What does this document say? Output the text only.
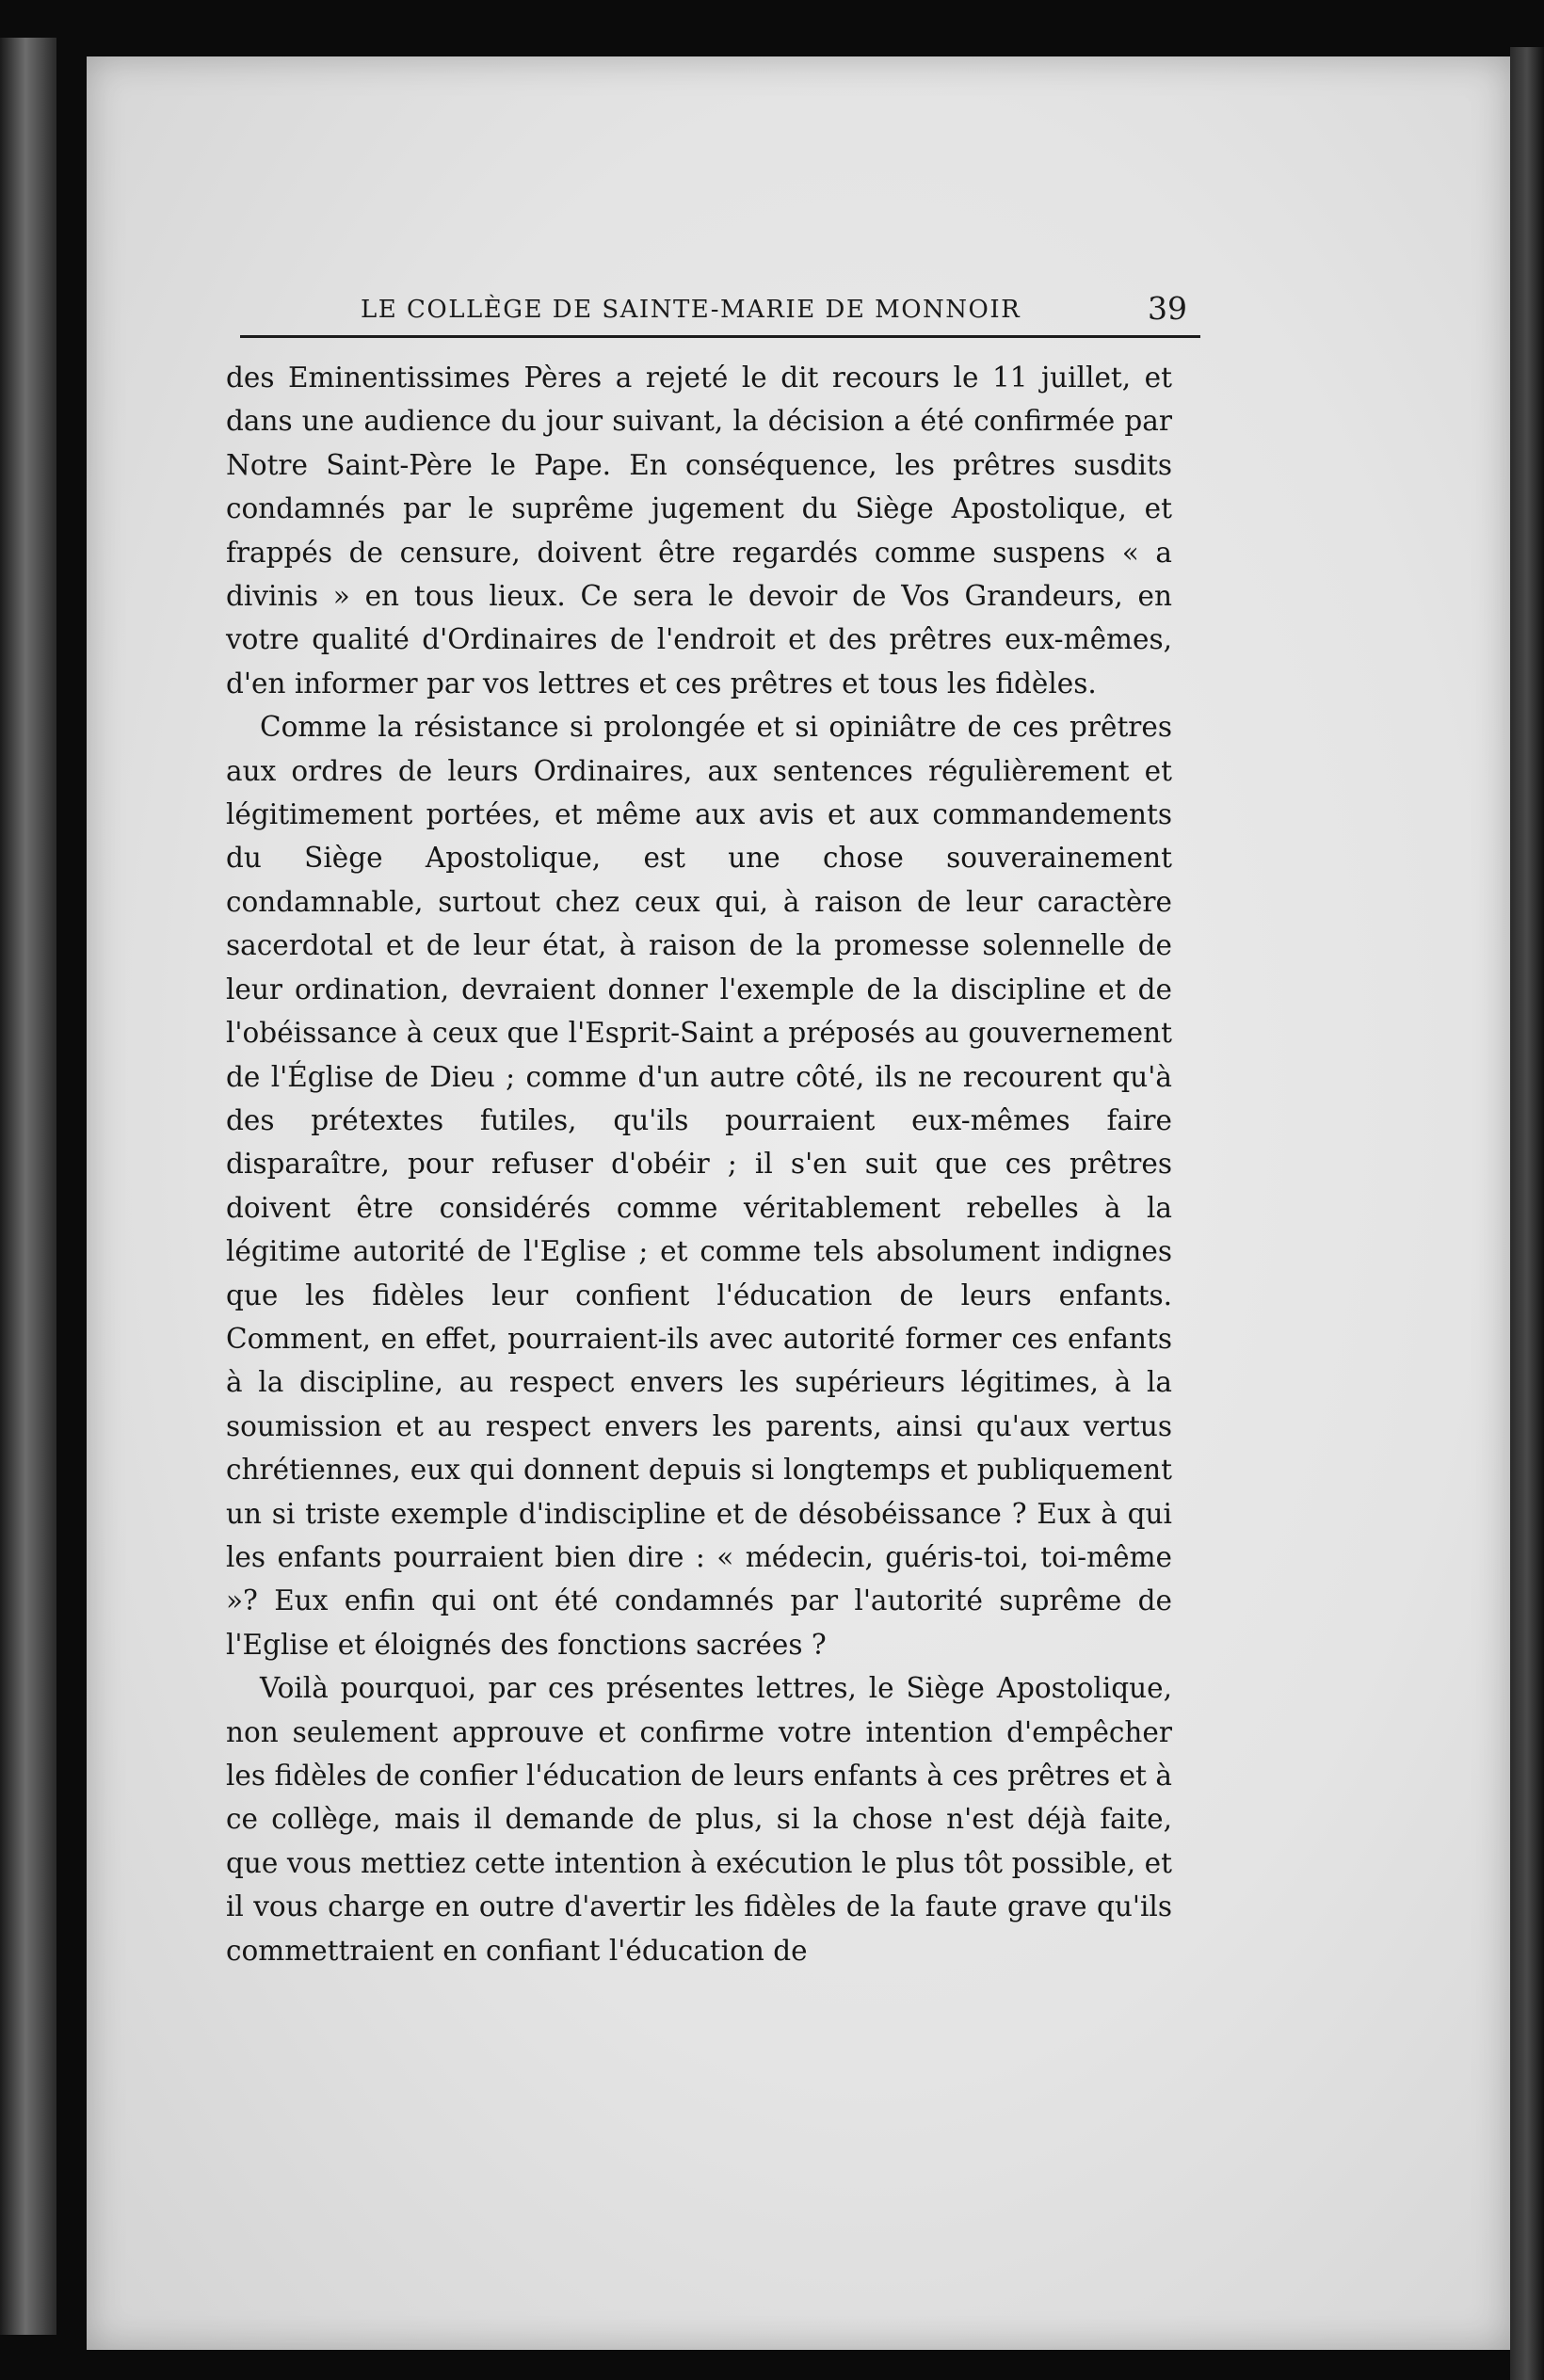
LE COLLÈGE DE SAINTE-MARIE DE MONNOIR	39

des Eminentissimes Pères a rejeté le dit recours le 11 juillet, et dans une audience du jour suivant, la décision a été confirmée par Notre Saint-Père le Pape. En conséquence, les prêtres susdits condamnés par le suprême jugement du Siège Apostolique, et frappés de censure, doivent être regardés comme suspens « a divinis » en tous lieux. Ce sera le devoir de Vos Grandeurs, en votre qualité d'Ordinaires de l'endroit et des prêtres eux-mêmes, d'en informer par vos lettres et ces prêtres et tous les fidèles.

Comme la résistance si prolongée et si opiniâtre de ces prêtres aux ordres de leurs Ordinaires, aux sentences régulièrement et légitimement portées, et même aux avis et aux commandements du Siège Apostolique, est une chose souverainement condamnable, surtout chez ceux qui, à raison de leur caractère sacerdotal et de leur état, à raison de la promesse solennelle de leur ordination, devraient donner l'exemple de la discipline et de l'obéissance à ceux que l'Esprit-Saint a préposés au gouvernement de l'Église de Dieu ; comme d'un autre côté, ils ne recourent qu'à des prétextes futiles, qu'ils pourraient eux-mêmes faire disparaître, pour refuser d'obéir ; il s'en suit que ces prêtres doivent être considérés comme véritablement rebelles à la légitime autorité de l'Eglise ; et comme tels absolument indignes que les fidèles leur confient l'éducation de leurs enfants. Comment, en effet, pourraient-ils avec autorité former ces enfants à la discipline, au respect envers les supérieurs légitimes, à la soumission et au respect envers les parents, ainsi qu'aux vertus chrétiennes, eux qui donnent depuis si longtemps et publiquement un si triste exemple d'indiscipline et de désobéissance ? Eux à qui les enfants pourraient bien dire : « médecin, guéris-toi, toi-même »? Eux enfin qui ont été condamnés par l'autorité suprême de l'Eglise et éloignés des fonctions sacrées ?

Voilà pourquoi, par ces présentes lettres, le Siège Apostolique, non seulement approuve et confirme votre intention d'empêcher les fidèles de confier l'éducation de leurs enfants à ces prêtres et à ce collège, mais il demande de plus, si la chose n'est déjà faite, que vous mettiez cette intention à exécution le plus tôt possible, et il vous charge en outre d'avertir les fidèles de la faute grave qu'ils commettraient en confiant l'éducation de
